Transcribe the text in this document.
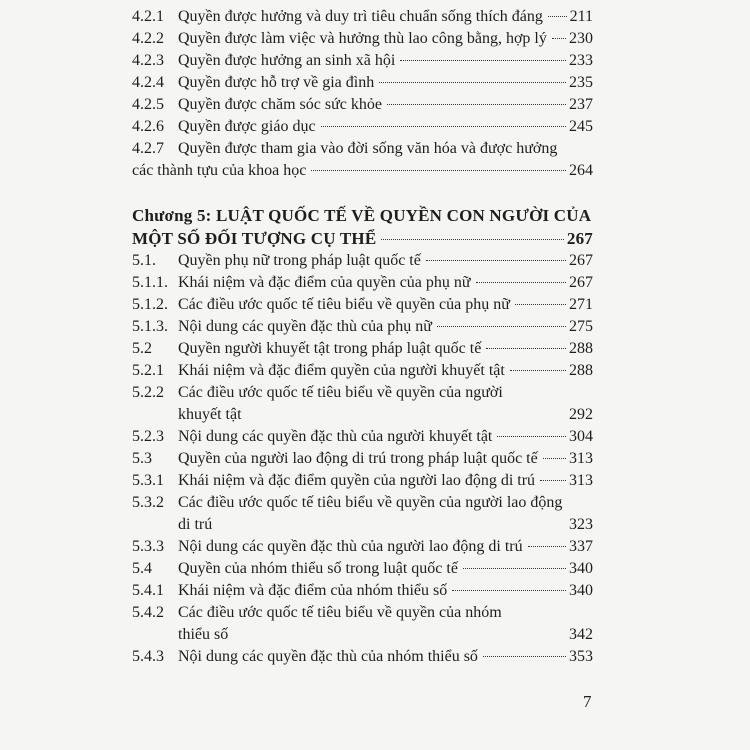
4.2.1 Quyền được hưởng và duy trì tiêu chuẩn sống thích đáng 211
4.2.2 Quyền được làm việc và hưởng thù lao công bằng, hợp lý 230
4.2.3 Quyền được hưởng an sinh xã hội	233
4.2.4 Quyền được hỗ trợ về gia đình	235
4.2.5 Quyền được chăm sóc sức khỏe	237
4.2.6 Quyền được giáo dục	245
4.2.7 Quyền được tham gia vào đời sống văn hóa và được hưởng
các thành tựu của khoa học	264
Chương 5: LUẬT QUỐC TẾ VỀ QUYỀN CON NGƯỜI CỦA
MỘT SỐ ĐỐI TƯỢNG CỤ THỂ	267
5.1.	Quyền phụ nữ trong pháp luật quốc tế	267
5.1.1. Khái niệm và đặc điểm của quyền của phụ nữ	267
5.1.2. Các điều ước quốc tế tiêu biểu về quyền của phụ nữ	271
5.1.3. Nội dung các quyền đặc thù của phụ nữ	275
5.2	Quyền người khuyết tật trong pháp luật quốc tế	288
5.2.1 Khái niệm và đặc điểm quyền của người khuyết tật	288
5.2.2 Các điều ước quốc tế tiêu biểu về quyền của người
khuyết tật	292
5.2.3 Nội dung các quyền đặc thù của người khuyết tật	304
5.3	Quyền của người lao động di trú trong pháp luật quốc tế 313
5.3.1 Khái niệm và đặc điểm quyền của người lao động di trú 313
5.3.2 Các điều ước quốc tế tiêu biểu về quyền của người lao động
di trú	323
5.3.3 Nội dung các quyền đặc thù của người lao động di trú	337
5.4	Quyền của nhóm thiểu số trong luật quốc tế	340
5.4.1 Khái niệm và đặc điểm của nhóm thiểu số	340
5.4.2 Các điều ước quốc tế tiêu biểu về quyền của nhóm
thiểu số	342
5.4.3 Nội dung các quyền đặc thù của nhóm thiểu số	353
7
